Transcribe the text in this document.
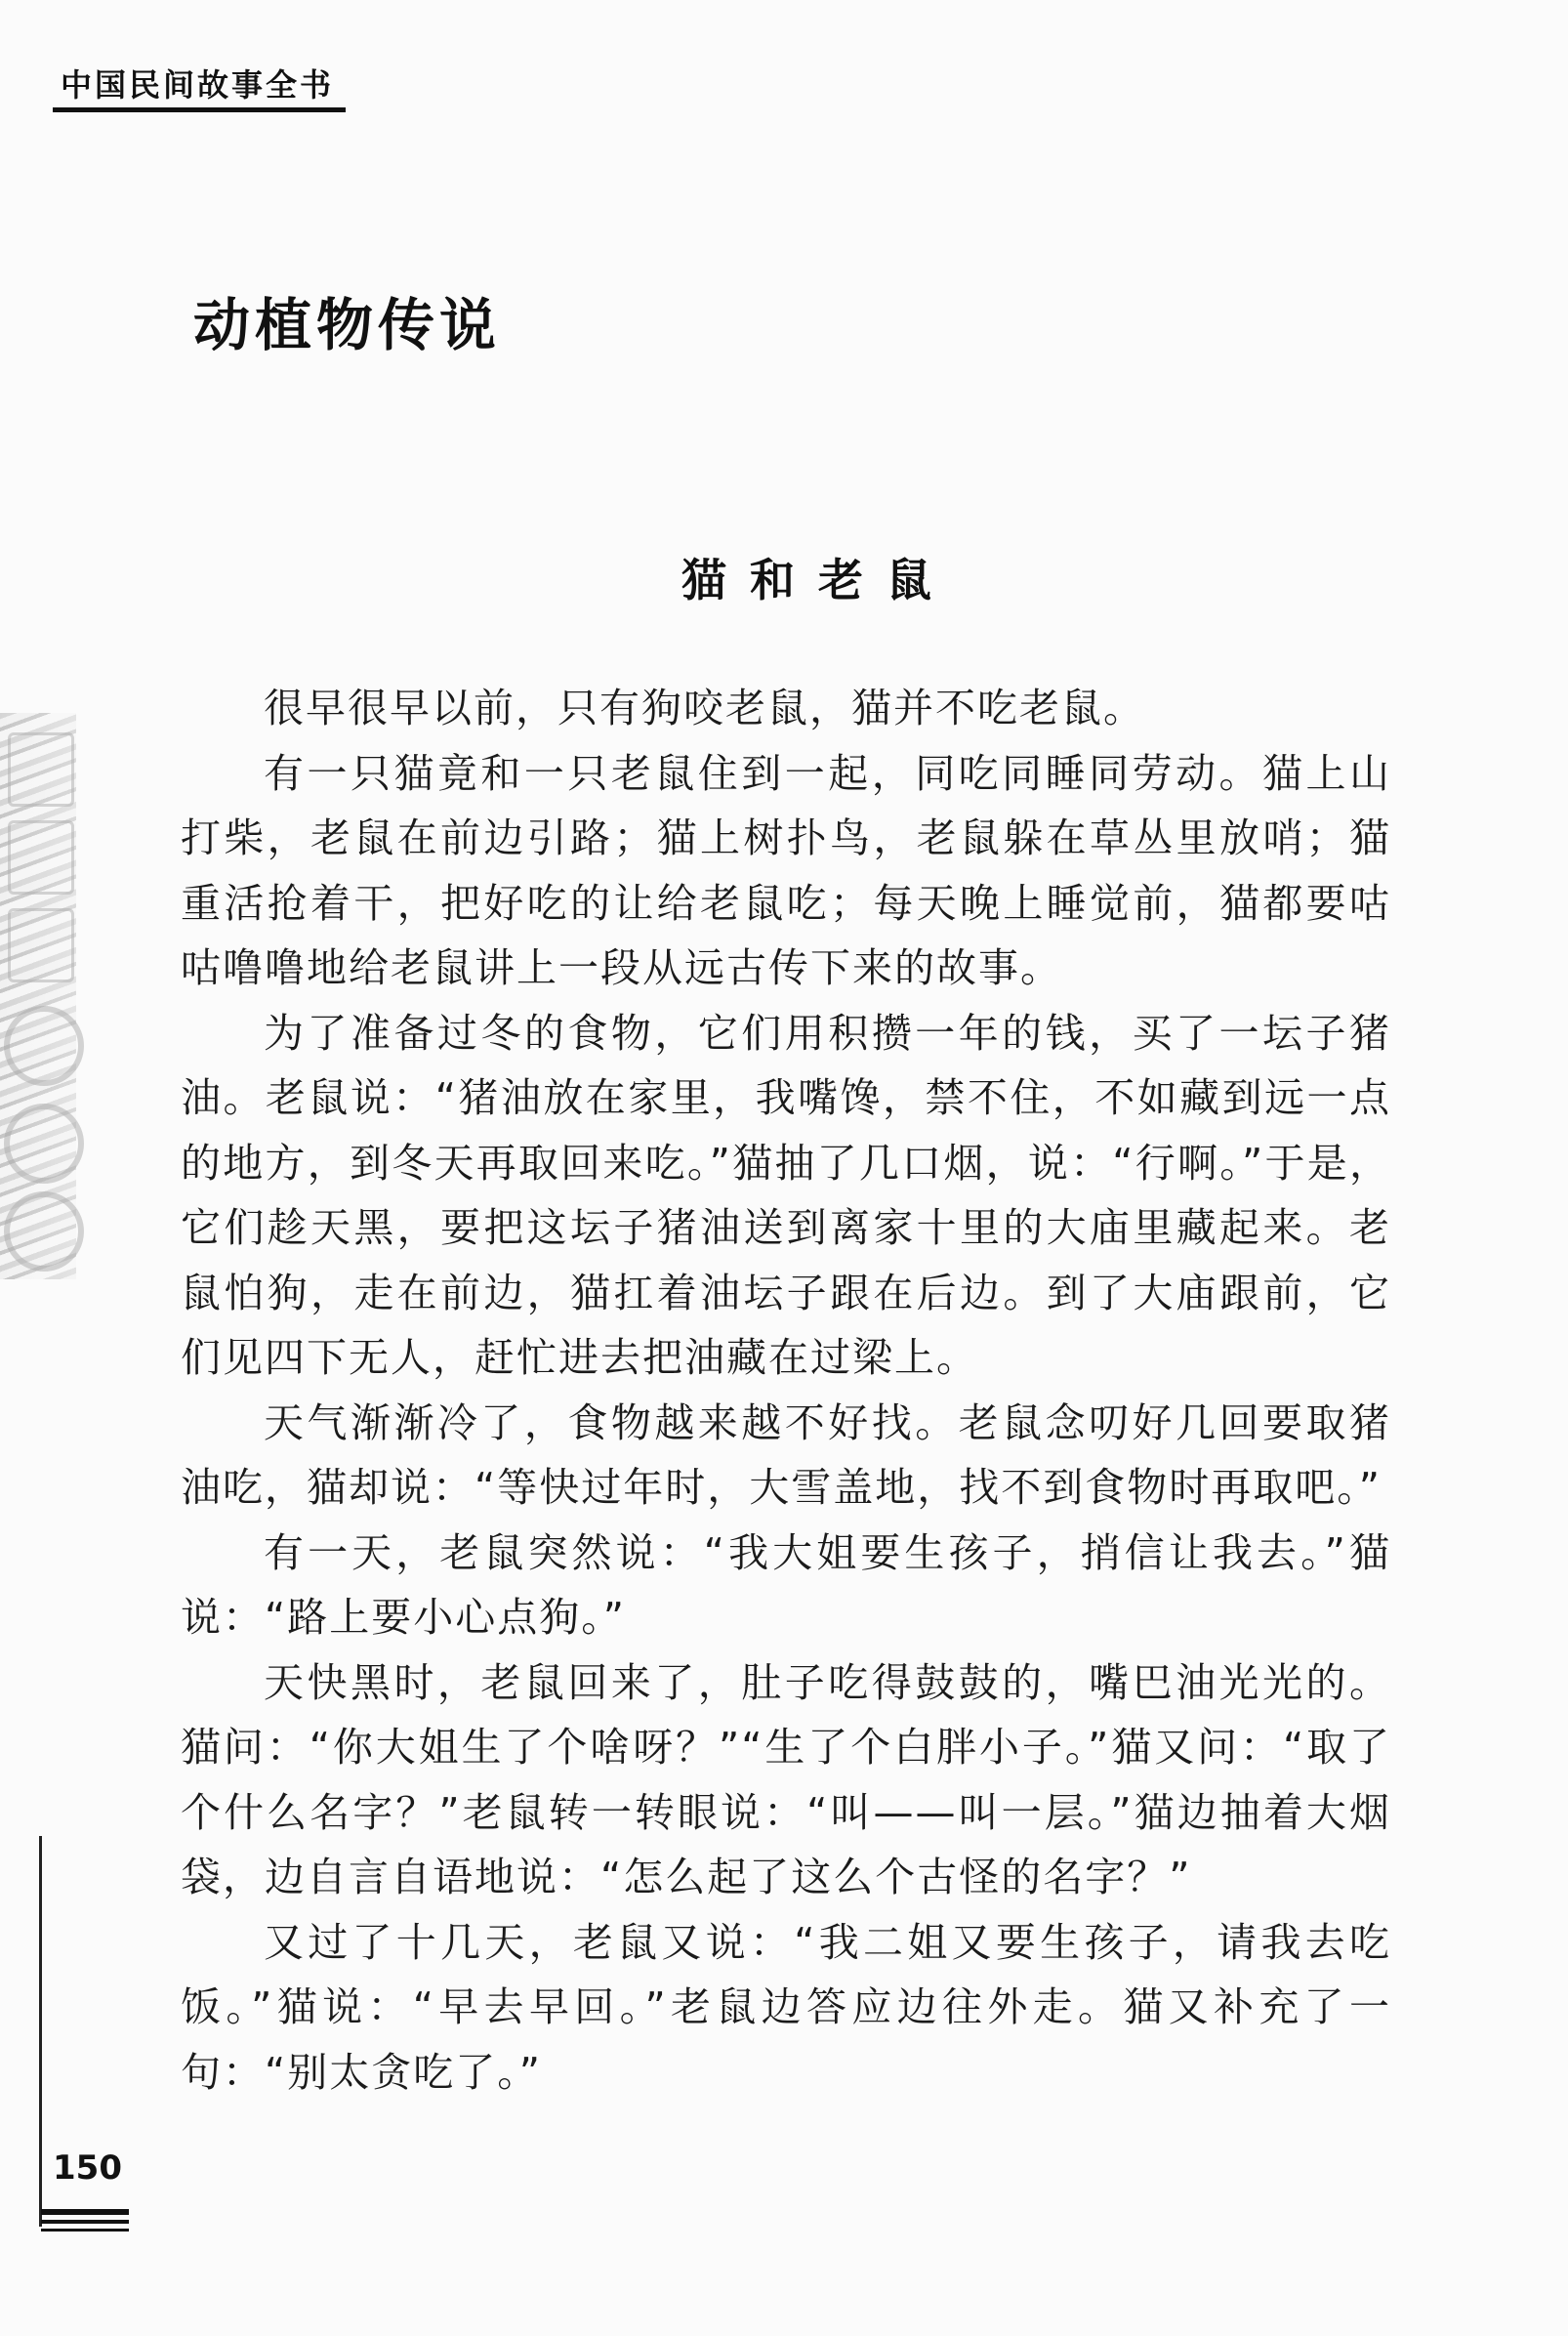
中国民间故事全书
动植物传说
猫和老鼠

很早很早以前，只有狗咬老鼠，猫并不吃老鼠。

有一只猫竟和一只老鼠住到一起，同吃同睡同劳动。猫上山打柴，老鼠在前边引路；猫上树扑鸟，老鼠躲在草丛里放哨；猫重活抢着干，把好吃的让给老鼠吃；每天晚上睡觉前，猫都要咕咕噜噜地给老鼠讲上一段从远古传下来的故事。

为了准备过冬的食物，它们用积攒一年的钱，买了一坛子猪油。老鼠说：“猪油放在家里，我嘴馋，禁不住，不如藏到远一点的地方，到冬天再取回来吃。”猫抽了几口烟，说：“行啊。”于是，它们趁天黑，要把这坛子猪油送到离家十里的大庙里藏起来。老鼠怕狗，走在前边，猫扛着油坛子跟在后边。到了大庙跟前，它们见四下无人，赶忙进去把油藏在过梁上。

天气渐渐冷了，食物越来越不好找。老鼠念叨好几回要取猪油吃，猫却说：“等快过年时，大雪盖地，找不到食物时再取吧。”

有一天，老鼠突然说：“我大姐要生孩子，捎信让我去。”猫说：“路上要小心点狗。”

天快黑时，老鼠回来了，肚子吃得鼓鼓的，嘴巴油光光的。猫问：“你大姐生了个啥呀？”“生了个白胖小子。”猫又问：“取了个什么名字？”老鼠转一转眼说：“叫——叫一层。”猫边抽着大烟袋，边自言自语地说：“怎么起了这么个古怪的名字？”

又过了十几天，老鼠又说：“我二姐又要生孩子，请我去吃饭。”猫说：“早去早回。”老鼠边答应边往外走。猫又补充了一句：“别太贪吃了。”

150
